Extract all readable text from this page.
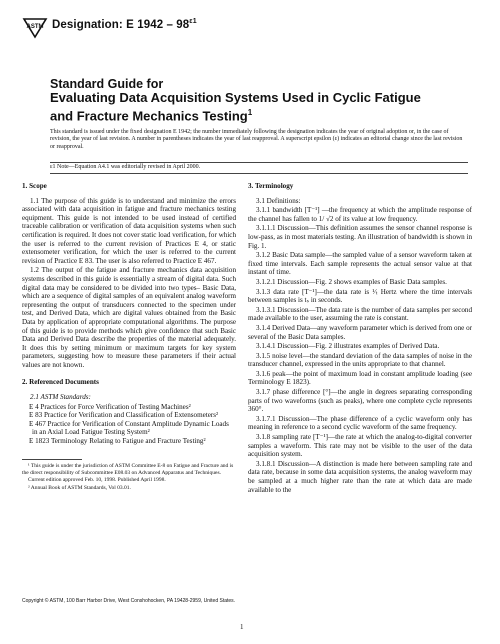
ASTM Designation: E $1942 - 98^{\varepsilon 1}$
Standard Guide for
Evaluating Data Acquisition Systems Used in Cyclic Fatigue
and Fracture Mechanics Testing$^1$
This standard is issued under the fixed designation E 1942; the number immediately following the designation indicates the year of original adoption or, in the case of revision, the year of last revision. A number in parentheses indicates the year of last reapproval. A superscript epsilon (ε) indicates an editorial change since the last revision or reapproval.
ε1 Note—Equation A4.1 was editorially revised in April 2000.
1. Scope

1.1 The purpose of this guide is to understand and minimize the errors associated with data acquisition in fatigue and fracture mechanics testing equipment. This guide is not intended to be used instead of certified traceable calibration or verification of data acquisition systems when such certification is required. It does not cover static load verification, for which the user is referred to the current revision of Practices E 4, or static extensometer verification, for which the user is referred to the current revision of Practice E 83. The user is also referred to Practice E 467.

1.2 The output of the fatigue and fracture mechanics data acquisition systems described in this guide is essentially a stream of digital data. Such digital data may be considered to be divided into two types– Basic Data, which are a sequence of digital samples of an equivalent analog waveform representing the output of transducers connected to the specimen under test, and Derived Data, which are digital values obtained from the Basic Data by application of appropriate computational algorithms. The purpose of this guide is to provide methods which give confidence that such Basic Data and Derived Data describe the properties of the material adequately. It does this by setting minimum or maximum targets for key system parameters, suggesting how to measure these parameters if their actual values are not known.

2. Referenced Documents

2.1 ASTM Standards:

E 4 Practices for Force Verification of Testing Machines²

E 83 Practice for Verification and Classification of Extensometers²

E 467 Practice for Verification of Constant Amplitude Dynamic Loads in an Axial Load Fatigue Testing System²

E 1823 Terminology Relating to Fatigue and Fracture Testing²

¹ This guide is under the jurisdiction of ASTM Committee E-8 on Fatigue and Fracture and is the direct responsibility of Subcommittee E08.03 on Advanced Apparatus and Techniques.

Current edition approved Feb. 10, 1998. Published April 1998.

² Annual Book of ASTM Standards, Vol 03.01.

3. Terminology

3.1 Definitions:

3.1.1 bandwidth [T⁻¹] —the frequency at which the amplitude response of the channel has fallen to 1/ √2 of its value at low frequency.

3.1.1.1 Discussion—This definition assumes the sensor channel response is low-pass, as in most materials testing. An illustration of bandwidth is shown in Fig. 1.

3.1.2 Basic Data sample—the sampled value of a sensor waveform taken at fixed time intervals. Each sample represents the actual sensor value at that instant of time.

3.1.2.1 Discussion—Fig. 2 shows examples of Basic Data samples.

3.1.3 data rate [T⁻¹]—the data rate is ¹⁄ₜ Hertz where the time intervals between samples is tₛ in seconds.

3.1.3.1 Discussion—The data rate is the number of data samples per second made available to the user, assuming the rate is constant.

3.1.4 Derived Data—any waveform parameter which is derived from one or several of the Basic Data samples.

3.1.4.1 Discussion—Fig. 2 illustrates examples of Derived Data.

3.1.5 noise level—the standard deviation of the data samples of noise in the transducer channel, expressed in the units appropriate to that channel.

3.1.6 peak—the point of maximum load in constant amplitude loading (see Terminology E 1823).

3.1.7 phase difference [°]—the angle in degrees separating corresponding parts of two waveforms (such as peaks), where one complete cycle represents 360°.

3.1.7.1 Discussion—The phase difference of a cyclic waveform only has meaning in reference to a second cyclic waveform of the same frequency.

3.1.8 sampling rate [T⁻¹]—the rate at which the analog-to-digital converter samples a waveform. This rate may not be visible to the user of the data acquisition system.

3.1.8.1 Discussion—A distinction is made here between sampling rate and data rate, because in some data acquisition systems, the analog waveform may be sampled at a much higher rate than the rate at which data are made available to the

Copyright © ASTM, 100 Barr Harbor Drive, West Conshohocken, PA 19428-2959, United States.
1
